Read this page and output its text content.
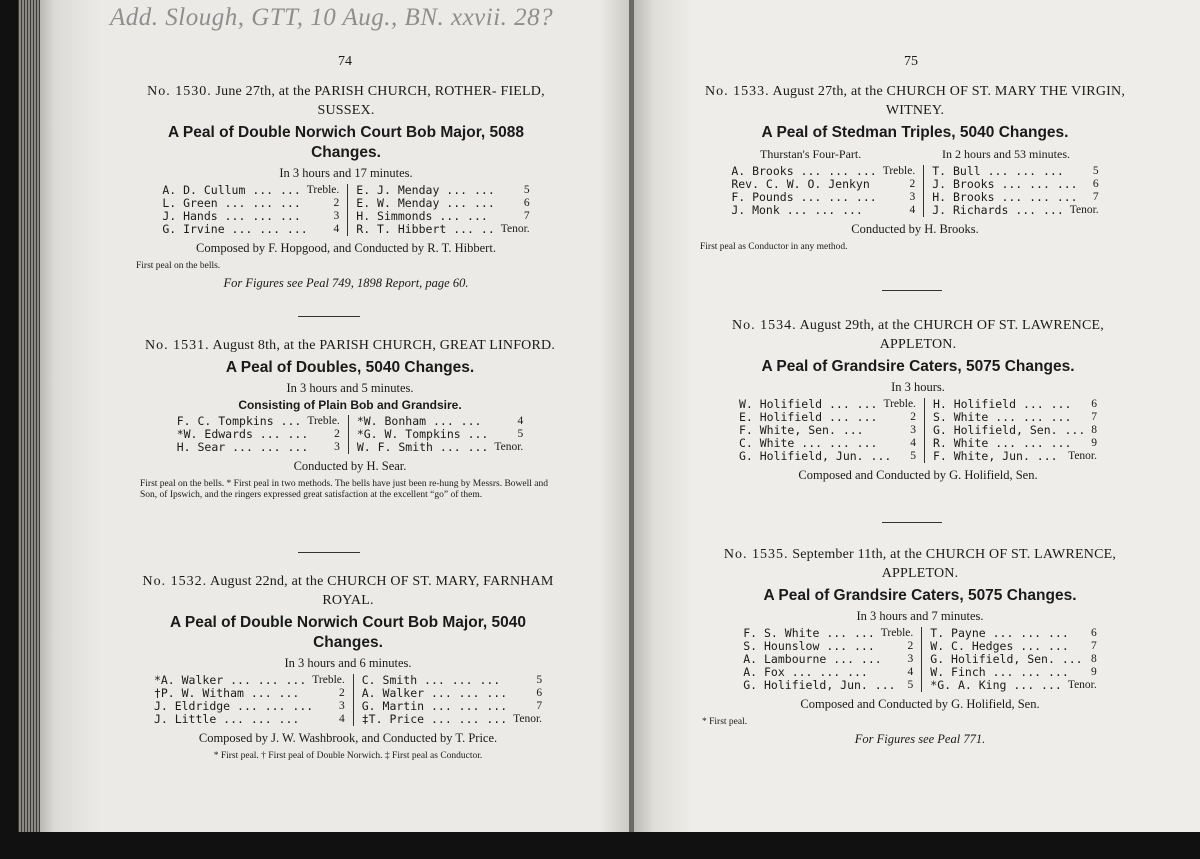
Add. Slough, GTT, 10 Aug., BN. xxvii. 28?
74
No. 1530. June 27th, at the PARISH CHURCH, ROTHER- FIELD, SUSSEX.
A Peal of Double Norwich Court Bob Major, 5088 Changes.
In 3 hours and 17 minutes.
A. D. Cullum ... ... Treble.
L. Green ... ... ...	2
J. Hands ... ... ...	3
G. Irvine ... ... ...	4
E. J. Menday ... ...	5
E. W. Menday ... ...	6
H. Simmonds ... ...	7
R. T. Hibbert ... .. Tenor.
Composed by F. Hopgood, and Conducted by R. T. Hibbert.
First peal on the bells.
For Figures see Peal 749, 1898 Report, page 60.
No. 1531. August 8th, at the PARISH CHURCH, GREAT LINFORD.
A Peal of Doubles, 5040 Changes.
In 3 hours and 5 minutes.
Consisting of Plain Bob and Grandsire.
F. C. Tompkins ... Treble.
*W. Edwards ... ...	2
H. Sear ... ... ...	3
*W. Bonham ... ...	4
*G. W. Tompkins ...	5
W. F. Smith ... ... Tenor.
Conducted by H. Sear.
First peal on the bells. * First peal in two methods. The bells have just been re-hung by Messrs. Bowell and Son, of Ipswich, and the ringers expressed great satisfaction at the excellent “go” of them.
No. 1532. August 22nd, at the CHURCH OF ST. MARY, FARNHAM ROYAL.
A Peal of Double Norwich Court Bob Major, 5040 Changes.
In 3 hours and 6 minutes.
*A. Walker ... ... ... Treble.
†P. W. Witham ... ...	2
J. Eldridge ... ... ...	3
J. Little ... ... ...	4
C. Smith ... ... ...	5
A. Walker ... ... ...	6
G. Martin ... ... ...	7
‡T. Price ... ... ... Tenor.
Composed by J. W. Washbrook, and Conducted by T. Price.
* First peal. † First peal of Double Norwich. ‡ First peal as Conductor.
75
No. 1533. August 27th, at the CHURCH OF ST. MARY THE VIRGIN, WITNEY.
A Peal of Stedman Triples, 5040 Changes.
Thurstan's Four-Part.	In 2 hours and 53 minutes.
A. Brooks ... ... ... Treble.
Rev. C. W. O. Jenkyn	2
F. Pounds ... ... ...	3
J. Monk ... ... ...	4
T. Bull ... ... ...	5
J. Brooks ... ... ...	6
H. Brooks ... ... ...	7
J. Richards ... ... Tenor.
Conducted by H. Brooks.
First peal as Conductor in any method.
No. 1534. August 29th, at the CHURCH OF ST. LAWRENCE, APPLETON.
A Peal of Grandsire Caters, 5075 Changes.
In 3 hours.
W. Holifield ... ... Treble.
E. Holifield ... ...	2
F. White, Sen. ...	3
C. White ... ... ...	4
G. Holifield, Jun. ...	5
H. Holifield ... ...	6
S. White ... ... ...	7
G. Holifield, Sen. ... 8
R. White ... ... ...	9
F. White, Jun. ... Tenor.
Composed and Conducted by G. Holifield, Sen.
No. 1535. September 11th, at the CHURCH OF ST. LAWRENCE, APPLETON.
A Peal of Grandsire Caters, 5075 Changes.
In 3 hours and 7 minutes.
F. S. White ... ... Treble.
S. Hounslow ... ...	2
A. Lambourne ... ...	3
A. Fox ... ... ...	4
G. Holifield, Jun. ...	5
T. Payne ... ... ...	6
W. C. Hedges ... ...	7
G. Holifield, Sen. ... 8
W. Finch ... ... ...	9
*G. A. King ... ... Tenor.
Composed and Conducted by G. Holifield, Sen.
* First peal.
For Figures see Peal 771.
